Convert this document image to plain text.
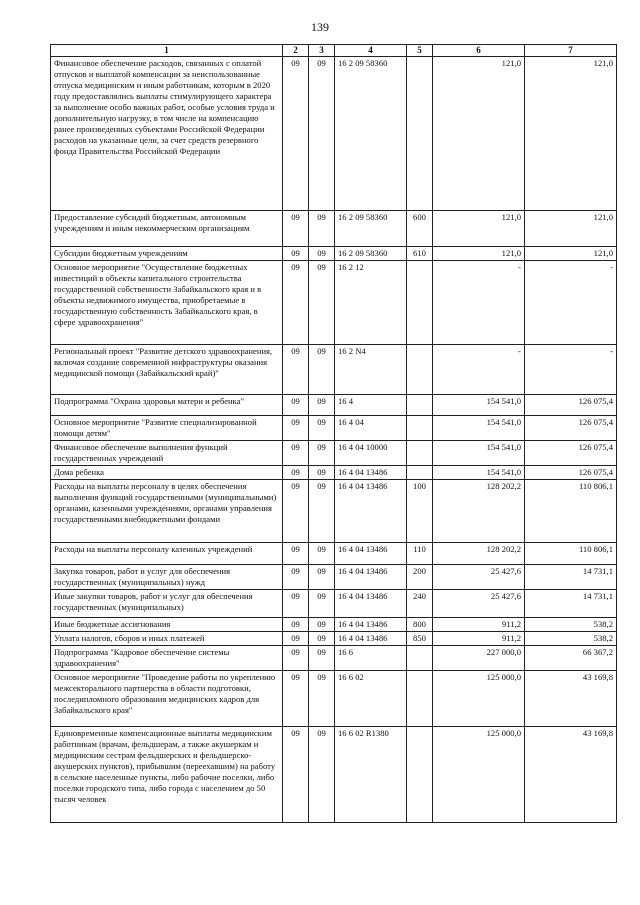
139
1	2	3	4	5	6	7
Финансовое обеспечение расходов, связанных с оплатой отпусков и выплатой компенсации за неиспользованные отпуска медицинским и иным работникам, которым в 2020 году предоставлялись выплаты стимулирующего характера за выполнение особо важных работ, особые условия труда и дополнительную нагрузку, в том числе на компенсацию ранее произведенных субъектами Российской Федерации расходов на указанные цели, за счет средств резервного фонда Правительства Российской Федерации	09	09	16 2 09 58360		121,0	121,0
Предоставление субсидий бюджетным, автономным учреждениям и иным некоммерческим организациям	09	09	16 2 09 58360	600	121,0	121,0
Субсидии бюджетным учреждениям	09	09	16 2 09 58360	610	121,0	121,0
Основное мероприятие "Осуществление бюджетных инвестиций в объекты капитального строительства государственной собственности Забайкальского края и в объекты недвижимого имущества, приобретаемые в государственную собственность Забайкальского края, в сфере здравоохранения"	09	09	16 2 12		-	-
Региональный проект "Развитие детского здравоохранения, включая создание современной инфраструктуры оказания медицинской помощи (Забайкальский край)"	09	09	16 2 N4		-	-
Подпрограмма "Охрана здоровья матери и ребенка"	09	09	16 4		154 541,0	126 075,4
Основное мероприятие "Развитие специализированной помощи детям"	09	09	16 4 04		154 541,0	126 075,4
Финансовое обеспечение выполнения функций государственных учреждений	09	09	16 4 04 10000		154 541,0	126 075,4
Дома ребенка	09	09	16 4 04 13486		154 541,0	126 075,4
Расходы на выплаты персоналу в целях обеспечения выполнения функций государственными (муниципальными) органами, казенными учреждениями, органами управления государственными внебюджетными фондами	09	09	16 4 04 13486	100	128 202,2	110 806,1
Расходы на выплаты персоналу казенных учреждений	09	09	16 4 04 13486	110	128 202,2	110 806,1
Закупка товаров, работ и услуг для обеспечения государственных (муниципальных) нужд	09	09	16 4 04 13486	200	25 427,6	14 731,1
Иные закупки товаров, работ и услуг для обеспечения государственных (муниципальных)	09	09	16 4 04 13486	240	25 427,6	14 731,1
Иные бюджетные ассигнования	09	09	16 4 04 13486	800	911,2	538,2
Уплата налогов, сборов и иных платежей	09	09	16 4 04 13486	850	911,2	538,2
Подпрограмма "Кадровое обеспечение системы здравоохранения"	09	09	16 6		227 000,0	66 367,2
Основное мероприятие "Проведение работы по укреплению межсекторального партнерства в области подготовки, последипломного образования медицинских кадров для Забайкальского края"	09	09	16 6 02		125 000,0	43 169,8
Единовременные компенсационные выплаты медицинским работникам (врачам, фельдшерам, а также акушеркам и медицинским сестрам фельдшерских и фельдшерско-акушерских пунктов), прибывшим (переехавшим) на работу в сельские населенные пункты, либо рабочие поселки, либо поселки городского типа, либо города с населением до 50 тысяч человек	09	09	16 6 02 R1380		125 000,0	43 169,8
